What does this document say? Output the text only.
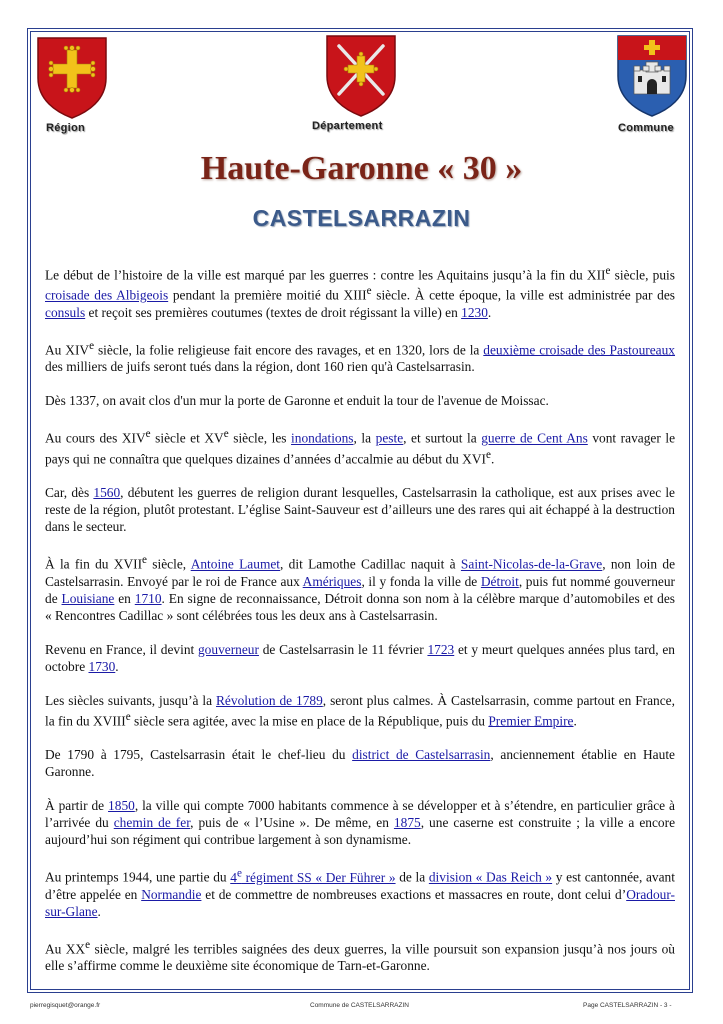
Région	Département	Commune
Haute-Garonne « 30 »
CASTELSARRAZIN

Le début de l’histoire de la ville est marqué par les guerres : contre les Aquitains jusqu’à la fin du XIIe siècle, puis croisade des Albigeois pendant la première moitié du XIIIe siècle. À cette époque, la ville est administrée par des consuls et reçoit ses premières coutumes (textes de droit régissant la ville) en 1230.

Au XIVe siècle, la folie religieuse fait encore des ravages, et en 1320, lors de la deuxième croisade des Pastoureaux des milliers de juifs seront tués dans la région, dont 160 rien qu'à Castelsarrasin.

Dès 1337, on avait clos d'un mur la porte de Garonne et enduit la tour de l'avenue de Moissac.

Au cours des XIVe siècle et XVe siècle, les inondations, la peste, et surtout la guerre de Cent Ans vont ravager le pays qui ne connaîtra que quelques dizaines d’années d’accalmie au début du XVIe.

Car, dès 1560, débutent les guerres de religion durant lesquelles, Castelsarrasin la catholique, est aux prises avec le reste de la région, plutôt protestant. L’église Saint-Sauveur est d’ailleurs une des rares qui ait échappé à la destruction dans le secteur.

À la fin du XVIIe siècle, Antoine Laumet, dit Lamothe Cadillac naquit à Saint-Nicolas-de-la-Grave, non loin de Castelsarrasin. Envoyé par le roi de France aux Amériques, il y fonda la ville de Détroit, puis fut nommé gouverneur de Louisiane en 1710. En signe de reconnaissance, Détroit donna son nom à la célèbre marque d’automobiles et des « Rencontres Cadillac » sont célébrées tous les deux ans à Castelsarrasin.

Revenu en France, il devint gouverneur de Castelsarrasin le 11 février 1723 et y meurt quelques années plus tard, en octobre 1730.

Les siècles suivants, jusqu’à la Révolution de 1789, seront plus calmes. À Castelsarrasin, comme partout en France, la fin du XVIIIe siècle sera agitée, avec la mise en place de la République, puis du Premier Empire.

De 1790 à 1795, Castelsarrasin était le chef-lieu du district de Castelsarrasin, anciennement établie en Haute Garonne.

À partir de 1850, la ville qui compte 7000 habitants commence à se développer et à s’étendre, en particulier grâce à l’arrivée du chemin de fer, puis de « l’Usine ». De même, en 1875, une caserne est construite ; la ville a encore aujourd’hui son régiment qui contribue largement à son dynamisme.

Au printemps 1944, une partie du 4e régiment SS « Der Führer » de la division « Das Reich » y est cantonnée, avant d’être appelée en Normandie et de commettre de nombreuses exactions et massacres en route, dont celui d’Oradour-sur-Glane.

Au XXe siècle, malgré les terribles saignées des deux guerres, la ville poursuit son expansion jusqu’à nos jours où elle s’affirme comme le deuxième site économique de Tarn-et-Garonne.

pierregisquet@orange.fr	Commune de CASTELSARRAZIN	Page CASTELSARRAZIN - 3 -
